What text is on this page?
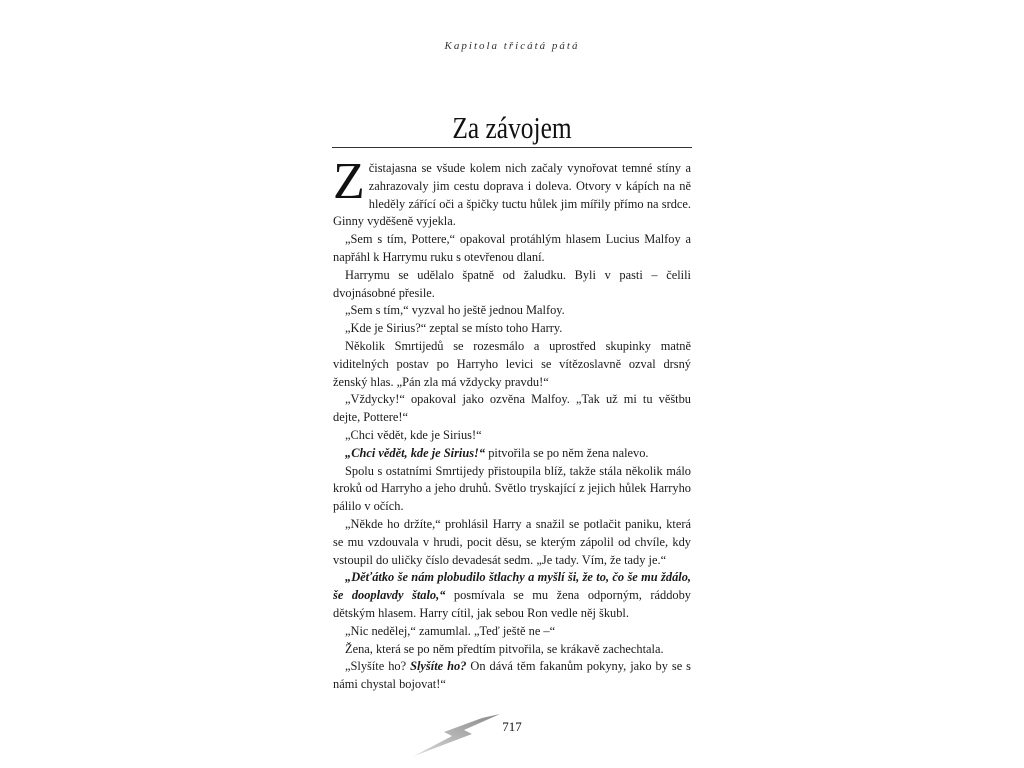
Kapitola třicátá pátá
Za závojem

Zčistajasna se všude kolem nich začaly vynořovat temné stíny a zahrazovaly jim cestu doprava i doleva. Otvory v kápích na ně hleděly zářící oči a špičky tuctu hůlek jim mířily přímo na srdce. Ginny vyděšeně vyjekla.

„Sem s tím, Pottere,“ opakoval protáhlým hlasem Lucius Malfoy a napřáhl k Harrymu ruku s otevřenou dlaní.

Harrymu se udělalo špatně od žaludku. Byli v pasti – čelili dvojnásobné přesile.

„Sem s tím,“ vyzval ho ještě jednou Malfoy.

„Kde je Sirius?“ zeptal se místo toho Harry.

Několik Smrtijedů se rozesmálo a uprostřed skupinky matně viditelných postav po Harryho levici se vítězoslavně ozval drsný ženský hlas. „Pán zla má vždycky pravdu!“

„Vždycky!“ opakoval jako ozvěna Malfoy. „Tak už mi tu věštbu dejte, Pottere!“

„Chci vědět, kde je Sirius!“

„Chci vědět, kde je Sirius!“ pitvořila se po něm žena nalevo.

Spolu s ostatními Smrtijedy přistoupila blíž, takže stála několik málo kroků od Harryho a jeho druhů. Světlo tryskající z jejich hůlek Harryho pálilo v očích.

„Někde ho držíte,“ prohlásil Harry a snažil se potlačit paniku, která se mu vzdouvala v hrudi, pocit děsu, se kterým zápolil od chvíle, kdy vstoupil do uličky číslo devadesát sedm. „Je tady. Vím, že tady je.“

„Děťátko še nám plobudilo štlachy a myšlí ši, že to, čo še mu ždálo, še dooplavdy štalo,“ posmívala se mu žena odporným, ráddoby dětským hlasem. Harry cítil, jak sebou Ron vedle něj škubl.

„Nic nedělej,“ zamumlal. „Teď ještě ne –“

Žena, která se po něm předtím pitvořila, se krákavě zachechtala.

„Slyšíte ho? Slyšíte ho? On dává těm fakanům pokyny, jako by se s námi chystal bojovat!“

717
